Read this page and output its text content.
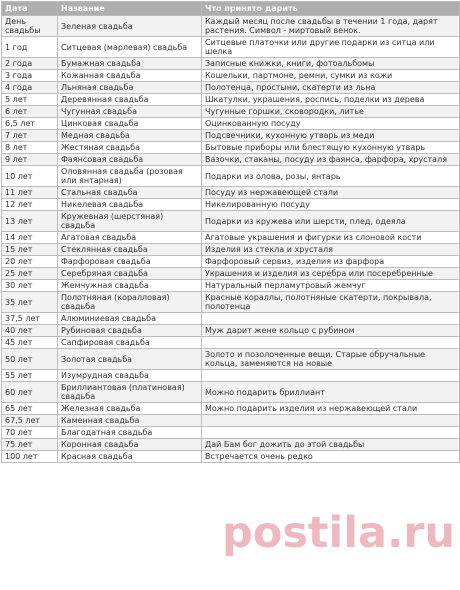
Дата	Название	Что принято дарить
День свадьбы	Зеленая свадьба	Каждый месяц после свадьбы в течении 1 года, дарят растения. Символ - миртовый венок.
1 год	Ситцевая (марлевая) свадьба	Ситцевые платочки или другие подарки из ситца или шелка
2 года	Бумажная свадьба	Записные книжки, книги, фотоальбомы
3 года	Кожанная свадьба	Кошельки, партмоне, ремни, сумки из кожи
4 года	Льняная свадьба	Полотенца, простыни, скатерти из льна
5 лет	Деревянная свадьба	Шкатулки, украшения, роспись, поделки из дерева
6 лет	Чугунная свадьба	Чугунные горшки, сковородки, литье
6,5 лет	Цинковая свадьба	Оцинкованную посуду
7 лет	Медная свадьба	Подсвечники, кухонную утварь из меди
8 лет	Жестяная свадьба	Бытовые приборы или блестящую кухонную утварь
9 лет	Фаянсовая свадьба	Вазочки, стаканы, посуду из фаянса, фарфора, хрусталя
10 лет	Оловянная свадьба (розовая или янтарная)	Подарки из олова, розы, янтарь
11 лет	Стальная свадьба	Посуду из нержавеющей стали
12 лет	Никелевая свадьба	Никелированную посуду
13 лет	Кружевная (шерстяная) свадьба	Подарки из кружева или шерсти, плед, одеяла
14 лет	Агатовая свадьба	Агатовые украшения и фигурки из слоновой кости
15 лет	Стеклянная свадьба	Изделия из стекла и хрусталя
20 лет	Фарфоровая свадьба	Фарфоровый сервиз, изделия из фарфора
25 лет	Серебряная свадьба	Украшения и изделия из серебра или посеребренные
30 лет	Жемчужная свадьба	Натуральный перламутровый жемчуг
35 лет	Полотняная (коралловая) свадьба	Красные кораллы, полотняные скатерти, покрывала, полотенца
37,5 лет	Алюминиевая свадьба	
40 лет	Рубиновая свадьба	Муж дарит жене кольцо с рубином
45 лет	Сапфировая свадьба	
50 лет	Золотая свадьба	Золото и позолоченные вещи. Старые обручальные кольца, заменяются на новые
55 лет	Изумрудная свадьба	
60 лет	Бриллиантовая (платиновая) свадьба	Можно подарить бриллиант
65 лет	Железная свадьба	Можно подарить изделия из нержавеющей стали
67,5 лет	Каменная свадьба	
70 лет	Благодатная свадьба	
75 лет	Коронная свадьба	Дай Бам бог дожить до этой свадьбы
100 лет	Красная свадьба	Встречается очень редко
postila.ru
